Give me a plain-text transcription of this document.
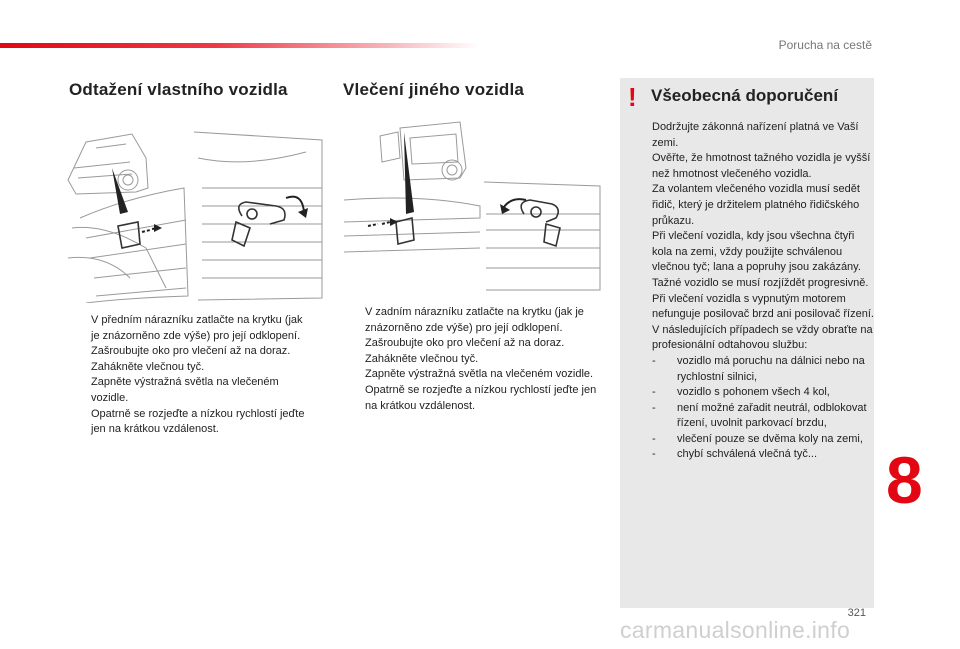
Porucha na cestě
Odtažení vlastního vozidla
V předním nárazníku zatlačte na krytku (jak je znázorněno zde výše) pro její odklopení.
Zašroubujte oko pro vlečení až na doraz.
Zahákněte vlečnou tyč.
Zapněte výstražná světla na vlečeném vozidle.
Opatrně se rozjeďte a nízkou rychlostí jeďte jen na krátkou vzdálenost.
Vlečení jiného vozidla
V zadním nárazníku zatlačte na krytku (jak je znázorněno zde výše) pro její odklopení.
Zašroubujte oko pro vlečení až na doraz.
Zahákněte vlečnou tyč.
Zapněte výstražná světla na vlečeném vozidle.
Opatrně se rozjeďte a nízkou rychlostí jeďte jen na krátkou vzdálenost.
! Všeobecná doporučení

Dodržujte zákonná nařízení platná ve Vaší zemi.

Ověřte, že hmotnost tažného vozidla je vyšší než hmotnost vlečeného vozidla.

Za volantem vlečeného vozidla musí sedět řidič, který je držitelem platného řidičského průkazu.

Při vlečení vozidla, kdy jsou všechna čtyři kola na zemi, vždy použijte schválenou vlečnou tyč; lana a popruhy jsou zakázány.

Tažné vozidlo se musí rozjíždět progresivně.

Při vlečení vozidla s vypnutým motorem nefunguje posilovač brzd ani posilovač řízení.

V následujících případech se vždy obraťte na profesionální odtahovou službu:

- vozidlo má poruchu na dálnici nebo na rychlostní silnici,
- vozidlo s pohonem všech 4 kol,
- není možné zařadit neutrál, odblokovat řízení, uvolnit parkovací brzdu,
- vlečení pouze se dvěma koly na zemi,
- chybí schválená vlečná tyč...	8
321
carmanualsonline.info
